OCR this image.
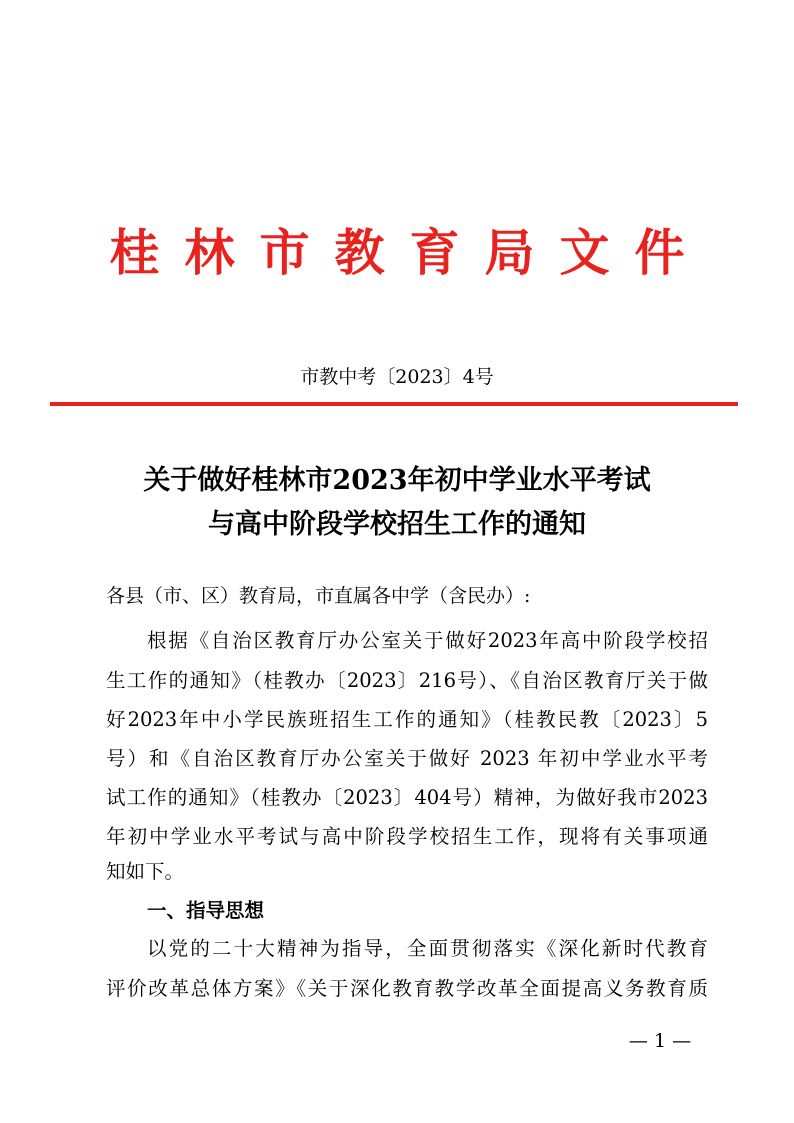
桂林市教育局文件
市教中考〔2023〕4号
关于做好桂林市2023年初中学业水平考试
与高中阶段学校招生工作的通知
各县（市、区）教育局，市直属各中学（含民办）:
根据《自治区教育厅办公室关于做好2023年高中阶段学校招
生工作的通知》（桂教办〔2023〕216号）、《自治区教育厅关于做
好2023年中小学民族班招生工作的通知》（桂教民教〔2023〕5
号）和《自治区教育厅办公室关于做好 2023 年初中学业水平考
试工作的通知》（桂教办〔2023〕404号）精神，为做好我市2023
年初中学业水平考试与高中阶段学校招生工作，现将有关事项通
知如下。
一、指导思想
以党的二十大精神为指导，全面贯彻落实《深化新时代教育
评价改革总体方案》《关于深化教育教学改革全面提高义务教育质
— 1 —
